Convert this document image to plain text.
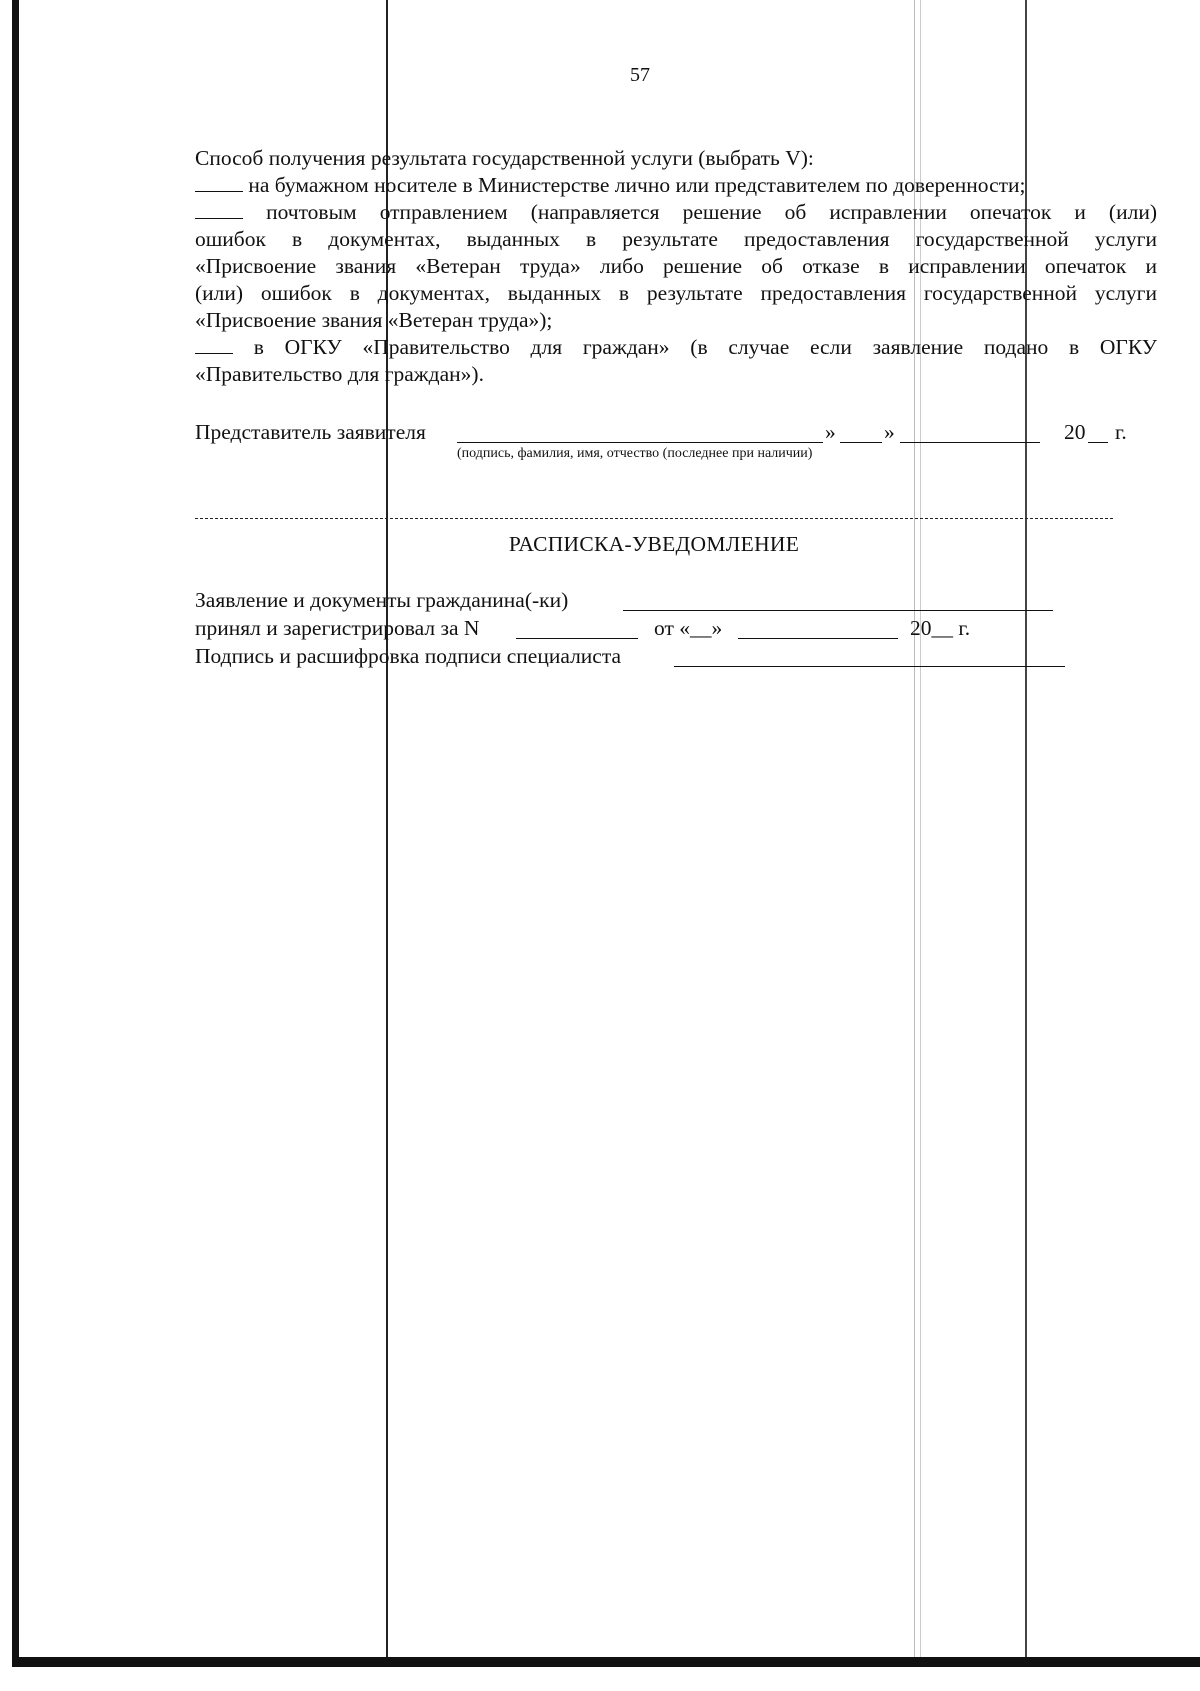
57
Способ получения результата государственной услуги (выбрать V):
на бумажном носителе в Министерстве лично или представителем по доверенности;
почтовым отправлением (направляется решение об исправлении опечаток и (или)
ошибок в документах, выданных в результате предоставления государственной услуги
«Присвоение звания «Ветеран труда» либо решение об отказе в исправлении опечаток и
(или) ошибок в документах, выданных в результате предоставления государственной услуги
«Присвоение звания «Ветеран труда»);
в ОГКУ «Правительство для граждан» (в случае если заявление подано в ОГКУ
«Правительство для граждан»).
Представитель заявителя	» »	20 г.
(подпись, фамилия, имя, отчество (последнее при наличии)
РАСПИСКА-УВЕДОМЛЕНИЕ
Заявление и документы гражданина(-ки)
принял и зарегистрировал за N	от «__»	20__ г.
Подпись и расшифровка подписи специалиста
